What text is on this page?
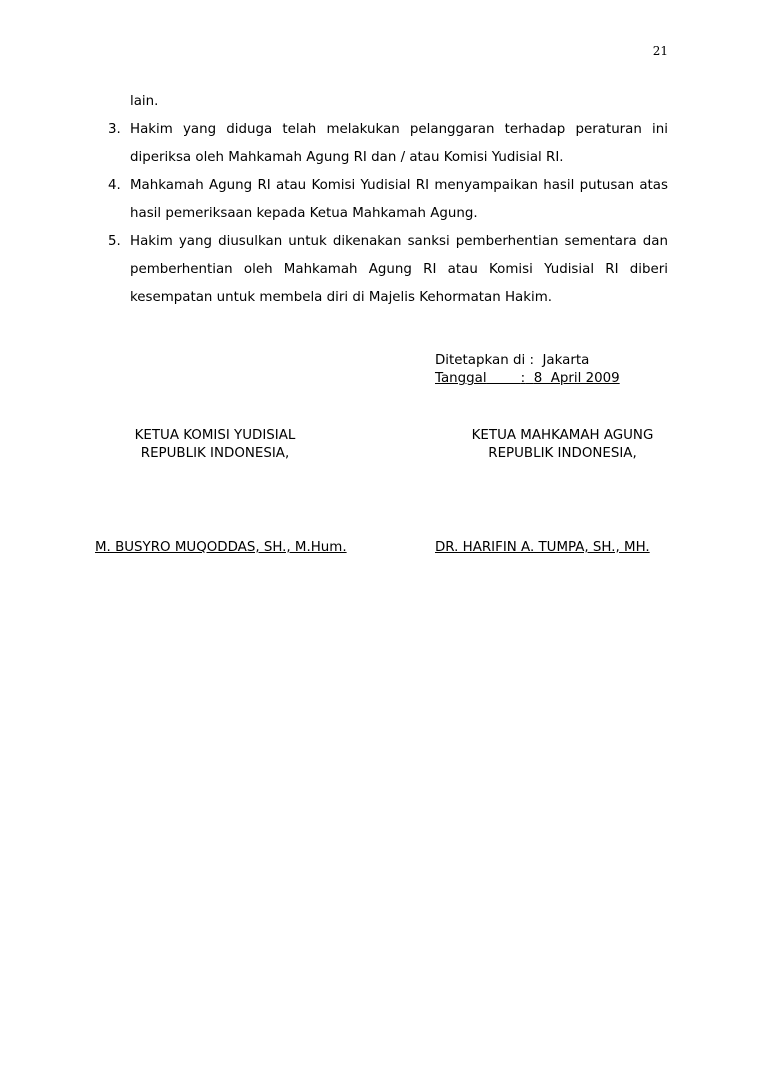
21
lain.
3. Hakim yang diduga telah melakukan pelanggaran terhadap peraturan ini diperiksa oleh Mahkamah Agung RI dan / atau Komisi Yudisial RI.
4. Mahkamah Agung RI atau Komisi Yudisial RI menyampaikan hasil putusan atas hasil pemeriksaan kepada Ketua Mahkamah Agung.
5. Hakim yang diusulkan untuk dikenakan sanksi pemberhentian sementara dan pemberhentian oleh Mahkamah Agung RI atau Komisi Yudisial RI diberi kesempatan untuk membela diri di Majelis Kehormatan Hakim.
Ditetapkan di : Jakarta
Tanggal	: 8  April 2009
KETUA KOMISI YUDISIAL
REPUBLIK INDONESIA,
KETUA MAHKAMAH AGUNG
REPUBLIK INDONESIA,
M. BUSYRO MUQODDAS, SH., M.Hum.	DR. HARIFIN A. TUMPA, SH., MH.
